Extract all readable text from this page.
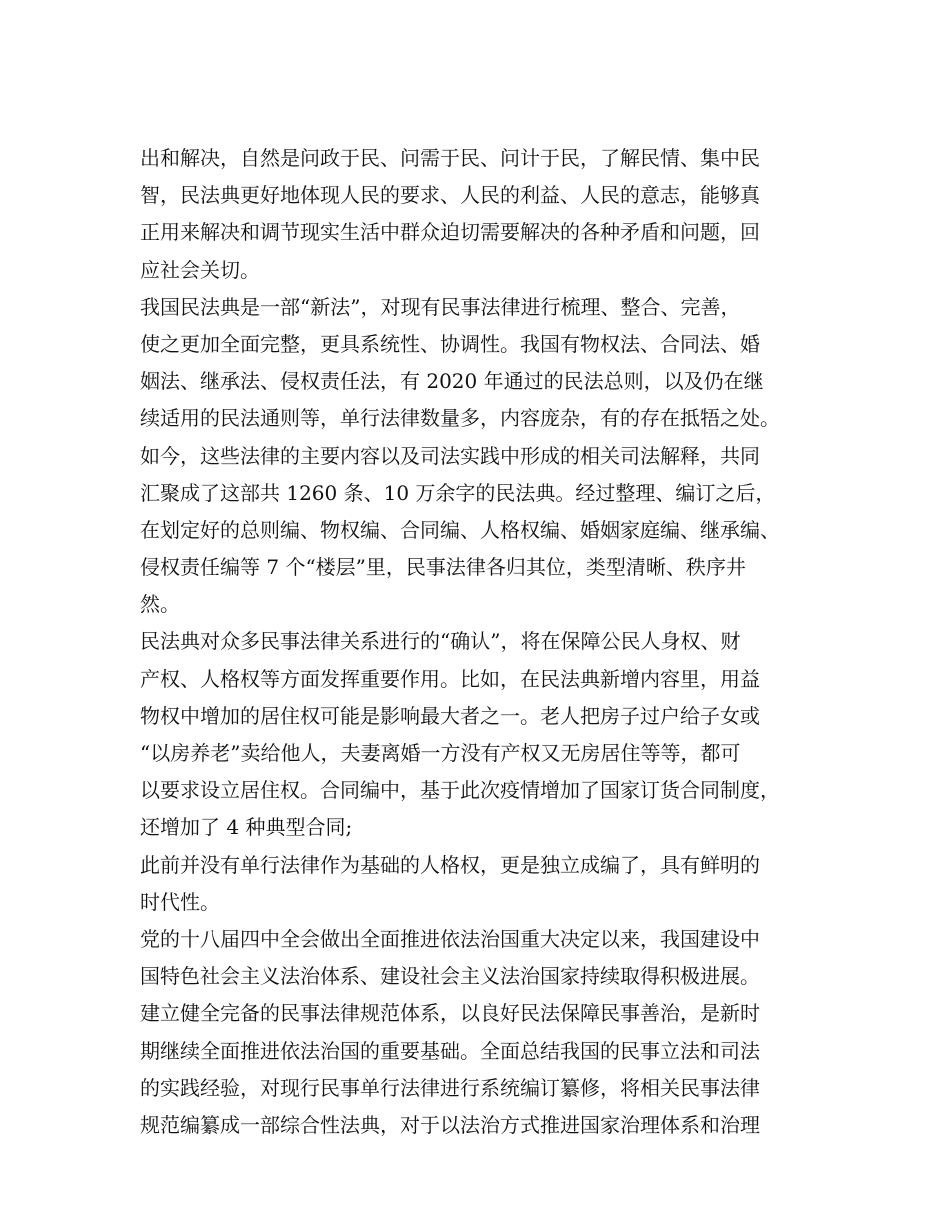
出和解决，自然是问政于民、问需于民、问计于民，了解民情、集中民
智，民法典更好地体现人民的要求、人民的利益、人民的意志，能够真
正用来解决和调节现实生活中群众迫切需要解决的各种矛盾和问题，回
应社会关切。
我国民法典是一部“新法”，对现有民事法律进行梳理、整合、完善，
使之更加全面完整，更具系统性、协调性。我国有物权法、合同法、婚
姻法、继承法、侵权责任法，有 2020 年通过的民法总则，以及仍在继
续适用的民法通则等，单行法律数量多，内容庞杂，有的存在抵牾之处。
如今，这些法律的主要内容以及司法实践中形成的相关司法解释，共同
汇聚成了这部共 1260 条、10 万余字的民法典。经过整理、编订之后，
在划定好的总则编、物权编、合同编、人格权编、婚姻家庭编、继承编、
侵权责任编等 7 个“楼层”里，民事法律各归其位，类型清晰、秩序井
然。
民法典对众多民事法律关系进行的“确认”，将在保障公民人身权、财
产权、人格权等方面发挥重要作用。比如，在民法典新增内容里，用益
物权中增加的居住权可能是影响最大者之一。老人把房子过户给子女或
“以房养老”卖给他人，夫妻离婚一方没有产权又无房居住等等，都可
以要求设立居住权。合同编中，基于此次疫情增加了国家订货合同制度，
还增加了 4 种典型合同;
此前并没有单行法律作为基础的人格权，更是独立成编了，具有鲜明的
时代性。
党的十八届四中全会做出全面推进依法治国重大决定以来，我国建设中
国特色社会主义法治体系、建设社会主义法治国家持续取得积极进展。
建立健全完备的民事法律规范体系，以良好民法保障民事善治，是新时
期继续全面推进依法治国的重要基础。全面总结我国的民事立法和司法
的实践经验，对现行民事单行法律进行系统编订纂修，将相关民事法律
规范编纂成一部综合性法典，对于以法治方式推进国家治理体系和治理
